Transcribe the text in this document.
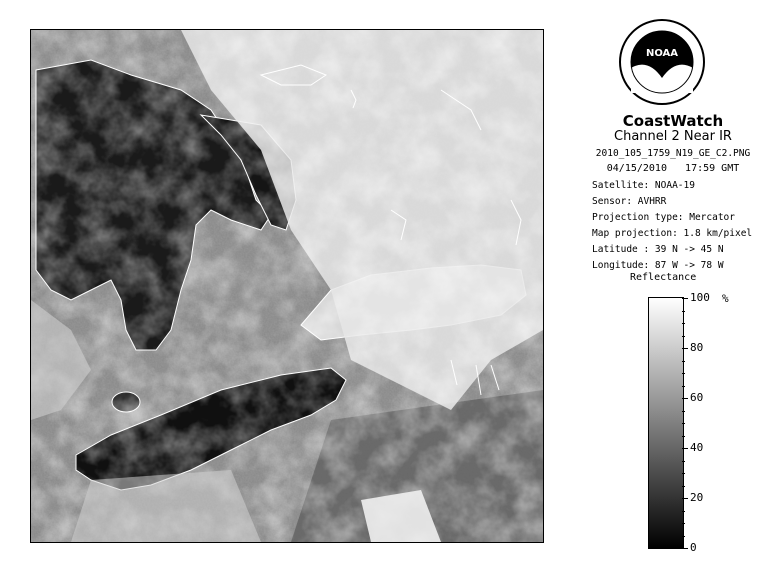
NOAA
CoastWatch
Channel 2 Near IR
2010_105_1759_N19_GE_C2.PNG
04/15/2010 17:59 GMT
Satellite: NOAA-19
Sensor: AVHRR
Projection type: Mercator
Map projection: 1.8 km/pixel
Latitude : 39 N -> 45 N
Longitude: 87 W -> 78 W
Reflectance
%
100
80
60
40
20
0
